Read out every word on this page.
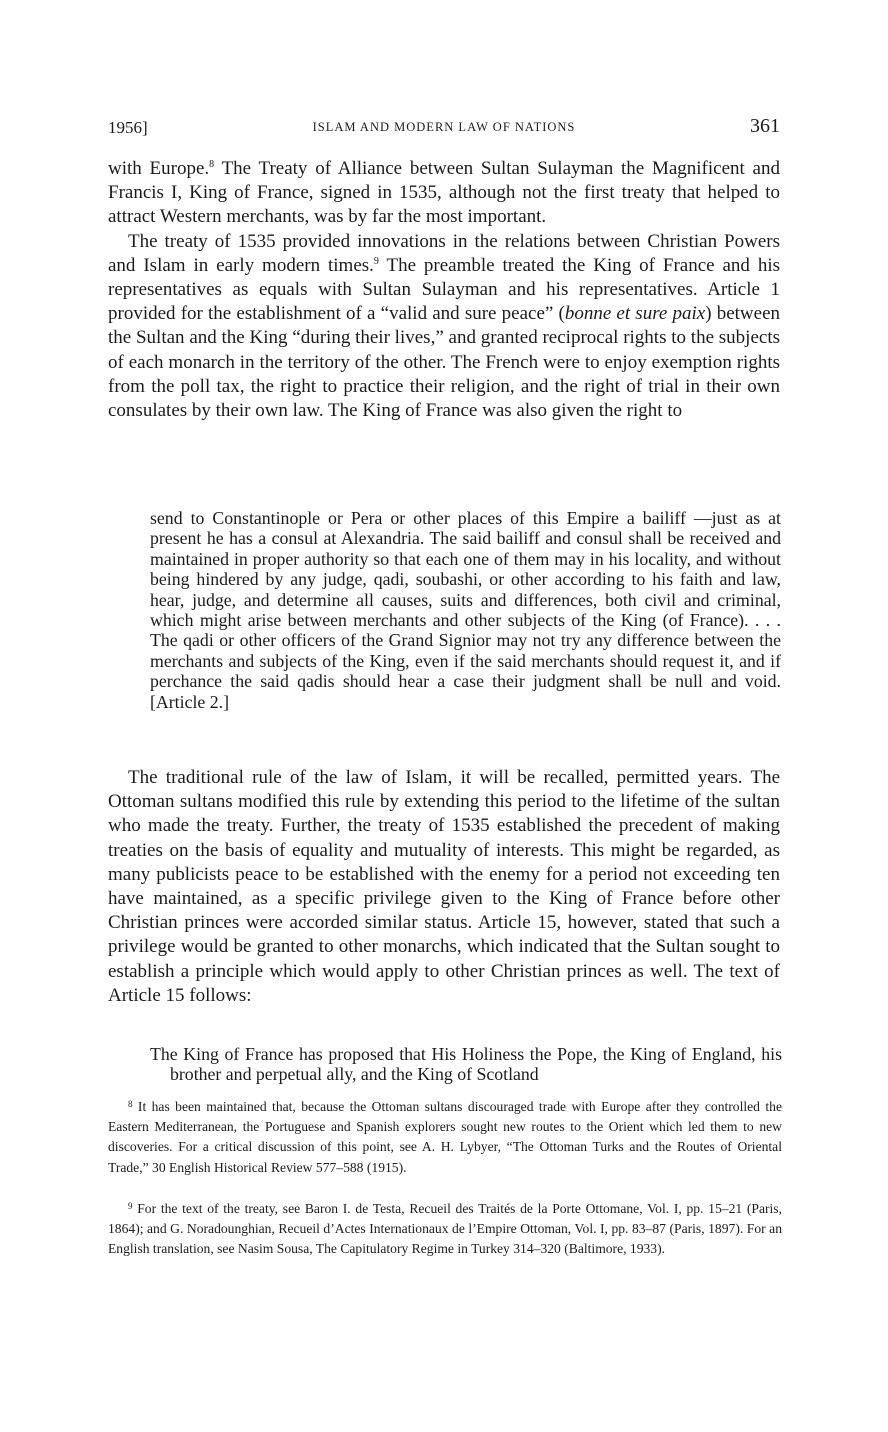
1956]	ISLAM AND MODERN LAW OF NATIONS	361

with Europe.$^8$ The Treaty of Alliance between Sultan Sulayman the Magnificent and Francis I, King of France, signed in 1535, although not the first treaty that helped to attract Western merchants, was by far the most important.

The treaty of 1535 provided innovations in the relations between Christian Powers and Islam in early modern times.$^9$ The preamble treated the King of France and his representatives as equals with Sultan Sulayman and his representatives. Article 1 provided for the establishment of a “valid and sure peace” (bonne et sure paix) between the Sultan and the King “during their lives,” and granted reciprocal rights to the subjects of each monarch in the territory of the other. The French were to enjoy exemption rights from the poll tax, the right to practice their religion, and the right of trial in their own consulates by their own law. The King of France was also given the right to

send to Constantinople or Pera or other places of this Empire a bailiff —just as at present he has a consul at Alexandria. The said bailiff and consul shall be received and maintained in proper authority so that each one of them may in his locality, and without being hindered by any judge, qadi, soubashi, or other according to his faith and law, hear, judge, and determine all causes, suits and differences, both civil and criminal, which might arise between merchants and other subjects of the King (of France). . . . The qadi or other officers of the Grand Signior may not try any difference between the merchants and subjects of the King, even if the said merchants should request it, and if perchance the said qadis should hear a case their judgment shall be null and void. [Article 2.]

The traditional rule of the law of Islam, it will be recalled, permitted years. The Ottoman sultans modified this rule by extending this period to the lifetime of the sultan who made the treaty. Further, the treaty of 1535 established the precedent of making treaties on the basis of equality and mutuality of interests. This might be regarded, as many publicists peace to be established with the enemy for a period not exceeding ten have maintained, as a specific privilege given to the King of France before other Christian princes were accorded similar status. Article 15, however, stated that such a privilege would be granted to other monarchs, which indicated that the Sultan sought to establish a principle which would apply to other Christian princes as well. The text of Article 15 follows:

The King of France has proposed that His Holiness the Pope, the King of England, his brother and perpetual ally, and the King of Scotland

$^8$ It has been maintained that, because the Ottoman sultans discouraged trade with Europe after they controlled the Eastern Mediterranean, the Portuguese and Spanish explorers sought new routes to the Orient which led them to new discoveries. For a critical discussion of this point, see A. H. Lybyer, “The Ottoman Turks and the Routes of Oriental Trade,” 30 English Historical Review 577–588 (1915).
$^9$ For the text of the treaty, see Baron I. de Testa, Recueil des Traités de la Porte Ottomane, Vol. I, pp. 15–21 (Paris, 1864); and G. Noradounghian, Recueil d’Actes Internationaux de l’Empire Ottoman, Vol. I, pp. 83–87 (Paris, 1897). For an English translation, see Nasim Sousa, The Capitulatory Regime in Turkey 314–320 (Baltimore, 1933).
